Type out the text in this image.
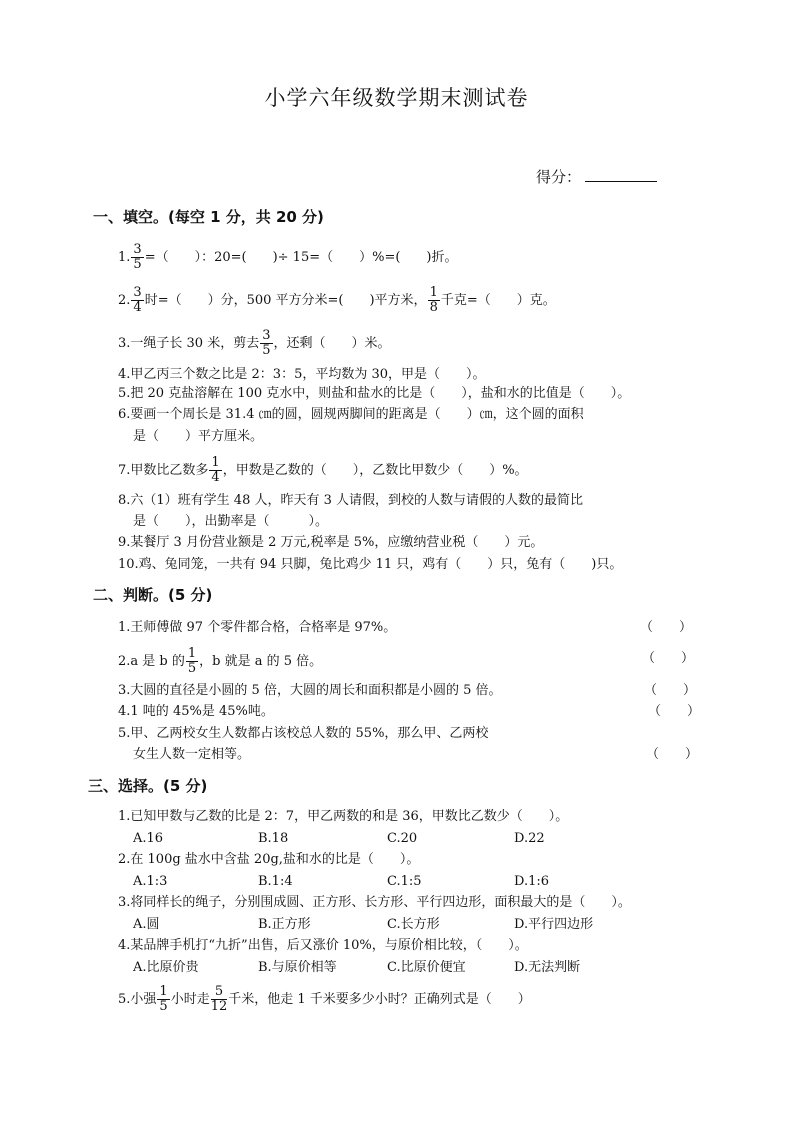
小学六年级数学期末测试卷
得分：
一、填空。(每空 1 分，共 20 分)
1. $\frac{3}{5}$ =（　　）：20=(　　)÷ 15=（　　）%=(　　)折。
2. $\frac{3}{4}$ 时=（　　）分，500 平方分米=(　　)平方米， $\frac{1}{8}$ 千克=（　　）克。
3.一绳子长 30 米，剪去 $\frac{3}{5}$ ，还剩（　　）米。
4.甲乙丙三个数之比是 2：3：5，平均数为 30，甲是（　　）。
5.把 20 克盐溶解在 100 克水中，则盐和盐水的比是（　　），盐和水的比值是（　　）。
6.要画一个周长是 31.4 ㎝的圆，圆规两脚间的距离是（　　）㎝，这个圆的面积
是（　　）平方厘米。
7.甲数比乙数多 $\frac{1}{4}$ ，甲数是乙数的（　　），乙数比甲数少（　　）%。
8.六（1）班有学生 48 人，昨天有 3 人请假，到校的人数与请假的人数的最简比
是（　　），出勤率是（　　　）。
9.某餐厅 3 月份营业额是 2 万元,税率是 5%，应缴纳营业税（　　）元。
10.鸡、兔同笼，一共有 94 只脚，兔比鸡少 11 只，鸡有（　　）只，兔有（　　)只。
二、判断。(5 分)
1.王师傅做 97 个零件都合格，合格率是 97%。	（　　）
2.a 是 b 的 $\frac{1}{5}$ ，b 就是 a 的 5 倍。	（　　）
3.大圆的直径是小圆的 5 倍，大圆的周长和面积都是小圆的 5 倍。	（　　）
4.1 吨的 45%是 45%吨。	（　　）
5.甲、乙两校女生人数都占该校总人数的 55%，那么甲、乙两校
女生人数一定相等。	（　　）
三、选择。(5 分)
1.已知甲数与乙数的比是 2：7，甲乙两数的和是 36，甲数比乙数少（　　）。
A.16	B.18	C.20	D.22
2.在 100g 盐水中含盐 20g,盐和水的比是（　　）。
A.1:3	B.1:4	C.1:5	D.1:6
3.将同样长的绳子，分别围成圆、正方形、长方形、平行四边形，面积最大的是（　　）。
A.圆	B.正方形	C.长方形	D.平行四边形
4.某品牌手机打“九折”出售，后又涨价 10%，与原价相比较，（　　）。
A.比原价贵	B.与原价相等	C.比原价便宜	D.无法判断
5.小强 $\frac{1}{5}$ 小时走 $\frac{5}{12}$ 千米，他走 1 千米要多少小时？正确列式是（　　）
